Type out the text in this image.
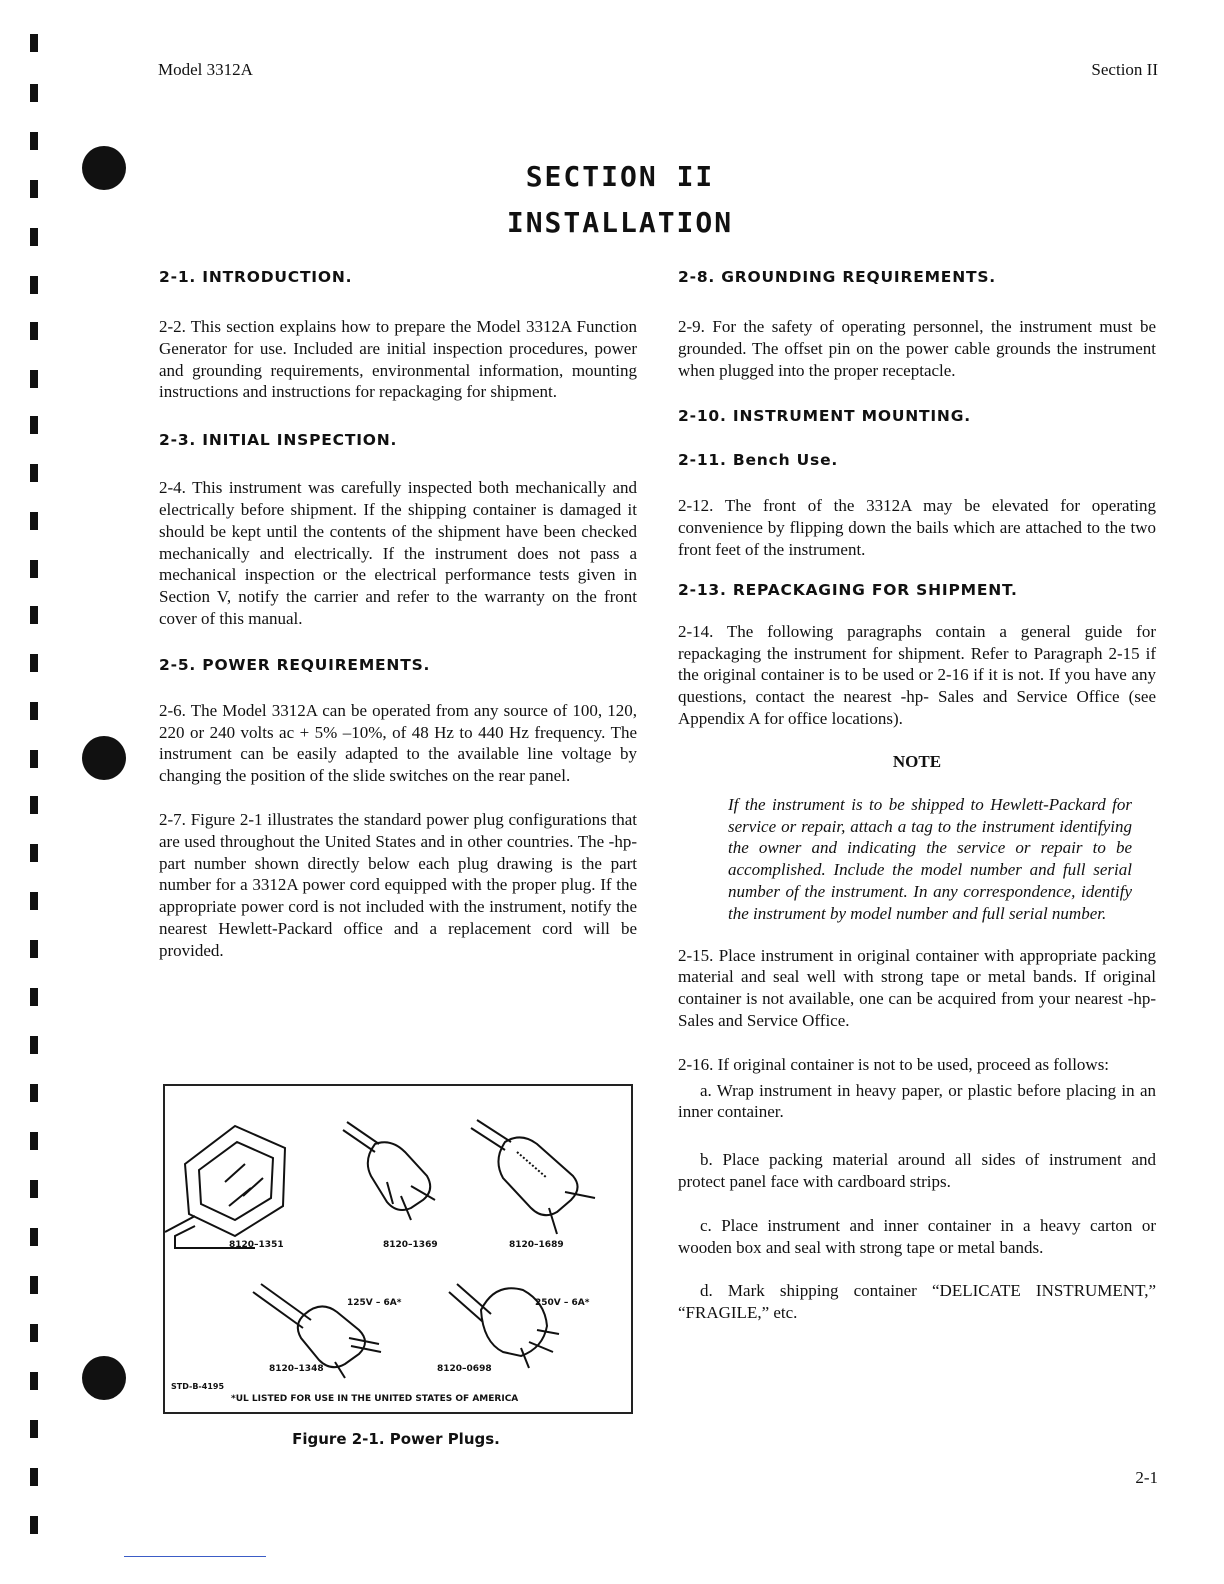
Model 3312A	Section II
SECTION II
INSTALLATION
2-1. INTRODUCTION.

2-2. This section explains how to prepare the Model 3312A Function Generator for use. Included are initial inspection procedures, power and grounding requirements, environmental information, mounting instructions and instructions for repackaging for shipment.

2-3. INITIAL INSPECTION.

2-4. This instrument was carefully inspected both mechanically and electrically before shipment. If the shipping container is damaged it should be kept until the contents of the shipment have been checked mechanically and electrically. If the instrument does not pass a mechanical inspection or the electrical performance tests given in Section V, notify the carrier and refer to the warranty on the front cover of this manual.

2-5. POWER REQUIREMENTS.

2-6. The Model 3312A can be operated from any source of 100, 120, 220 or 240 volts ac + 5% –10%, of 48 Hz to 440 Hz frequency. The instrument can be easily adapted to the available line voltage by changing the position of the slide switches on the rear panel.

2-7. Figure 2-1 illustrates the standard power plug configurations that are used throughout the United States and in other countries. The -hp- part number shown directly below each plug drawing is the part number for a 3312A power cord equipped with the proper plug. If the appropriate power cord is not included with the instrument, notify the nearest Hewlett-Packard office and a replacement cord will be provided.

8120–1351	8120–1369	8120–1689
125V – 6A*	250V – 6A*
8120–1348	8120–0698
STD-B-4195
*UL LISTED FOR USE IN THE UNITED STATES OF AMERICA
Figure 2-1. Power Plugs.
2-8. GROUNDING REQUIREMENTS.

2-9. For the safety of operating personnel, the instrument must be grounded. The offset pin on the power cable grounds the instrument when plugged into the proper receptacle.

2-10. INSTRUMENT MOUNTING.
2-11. Bench Use.

2-12. The front of the 3312A may be elevated for operating convenience by flipping down the bails which are attached to the two front feet of the instrument.

2-13. REPACKAGING FOR SHIPMENT.

2-14. The following paragraphs contain a general guide for repackaging the instrument for shipment. Refer to Paragraph 2-15 if the original container is to be used or 2-16 if it is not. If you have any questions, contact the nearest -hp- Sales and Service Office (see Appendix A for office locations).

NOTE
If the instrument is to be shipped to Hewlett-Packard for service or repair, attach a tag to the instrument identifying the owner and indicating the service or repair to be accomplished. Include the model number and full serial number of the instrument. In any correspondence, identify the instrument by model number and full serial number.

2-15. Place instrument in original container with appropriate packing material and seal well with strong tape or metal bands. If original container is not available, one can be acquired from your nearest -hp- Sales and Service Office.

2-16. If original container is not to be used, proceed as follows:

a. Wrap instrument in heavy paper, or plastic before placing in an inner container.

b. Place packing material around all sides of instrument and protect panel face with cardboard strips.

c. Place instrument and inner container in a heavy carton or wooden box and seal with strong tape or metal bands.

d. Mark shipping container “DELICATE INSTRUMENT,” “FRAGILE,” etc.

2-1
